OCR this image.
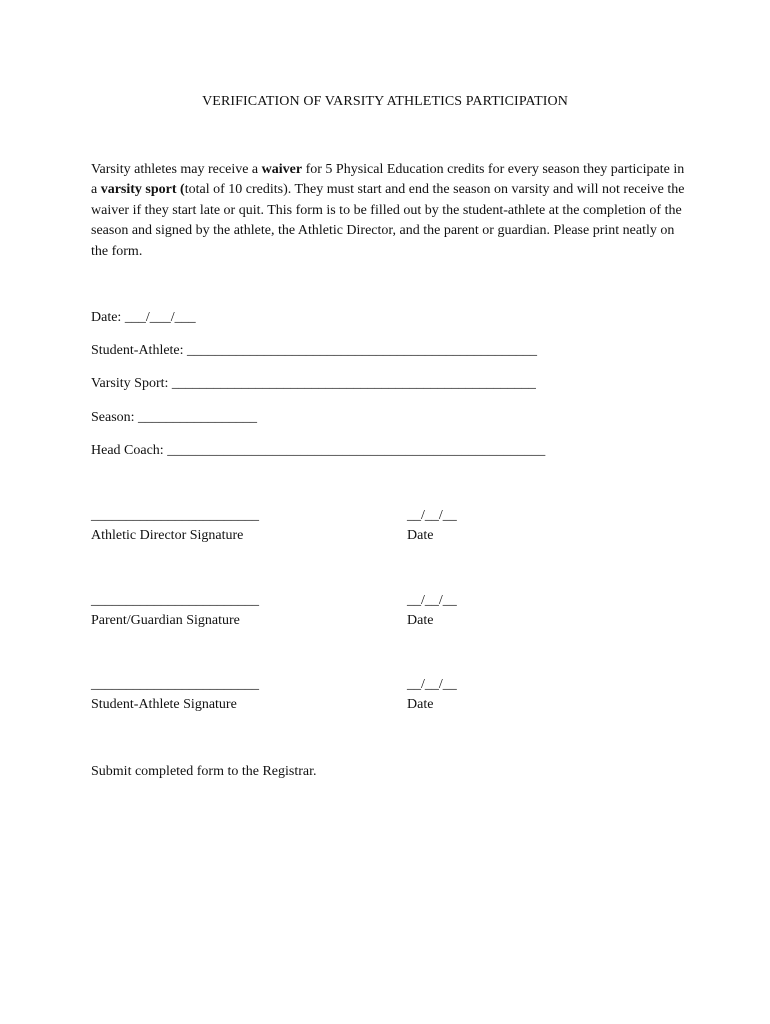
VERIFICATION OF VARSITY ATHLETICS PARTICIPATION
Varsity athletes may receive a waiver for 5 Physical Education credits for every season they participate in a varsity sport (total of 10 credits). They must start and end the season on varsity and will not receive the waiver if they start late or quit. This form is to be filled out by the student-athlete at the completion of the season and signed by the athlete, the Athletic Director, and the parent or guardian. Please print neatly on the form.
Date: ___/___/___
Student-Athlete: __________________________________________________
Varsity Sport: ____________________________________________________
Season: _________________
Head Coach: ______________________________________________________
________________________
Athletic Director Signature
__/__/__
Date
________________________
Parent/Guardian Signature
__/__/__
Date
________________________
Student-Athlete Signature
__/__/__
Date
Submit completed form to the Registrar.
